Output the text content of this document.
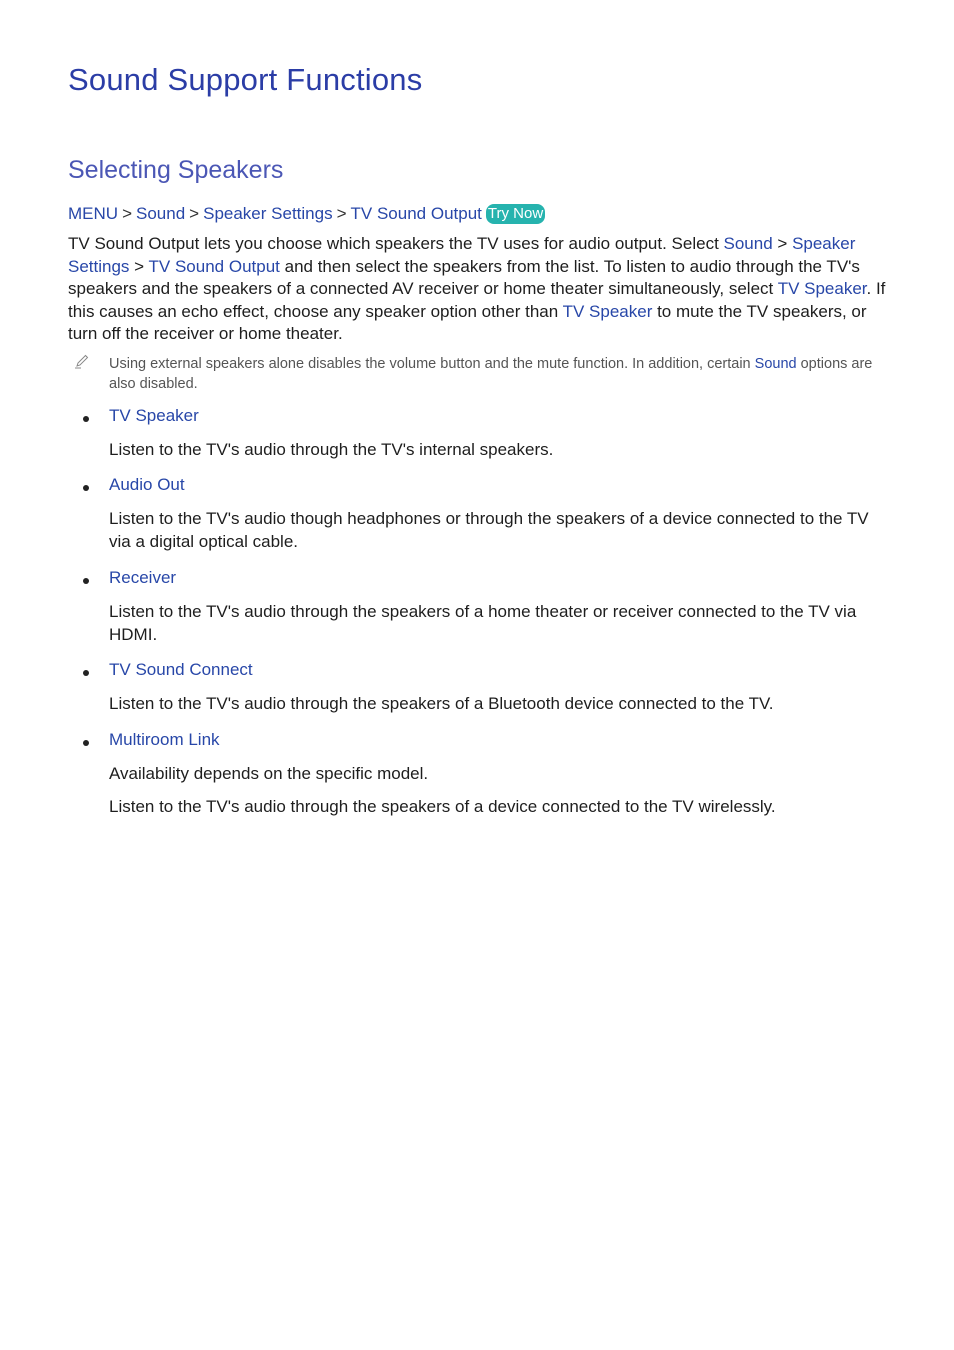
Sound Support Functions
Selecting Speakers
MENU > Sound > Speaker Settings > TV Sound Output Try Now

TV Sound Output lets you choose which speakers the TV uses for audio output. Select Sound > Speaker Settings > TV Sound Output and then select the speakers from the list. To listen to audio through the TV's speakers and the speakers of a connected AV receiver or home theater simultaneously, select TV Speaker. If this causes an echo effect, choose any speaker option other than TV Speaker to mute the TV speakers, or turn off the receiver or home theater.

Using external speakers alone disables the volume button and the mute function. In addition, certain Sound options are also disabled.
TV Speaker

Listen to the TV's audio through the TV's internal speakers.

Audio Out

Listen to the TV's audio though headphones or through the speakers of a device connected to the TV via a digital optical cable.

Receiver

Listen to the TV's audio through the speakers of a home theater or receiver connected to the TV via HDMI.

TV Sound Connect

Listen to the TV's audio through the speakers of a Bluetooth device connected to the TV.

Multiroom Link

Availability depends on the specific model.

Listen to the TV's audio through the speakers of a device connected to the TV wirelessly.
